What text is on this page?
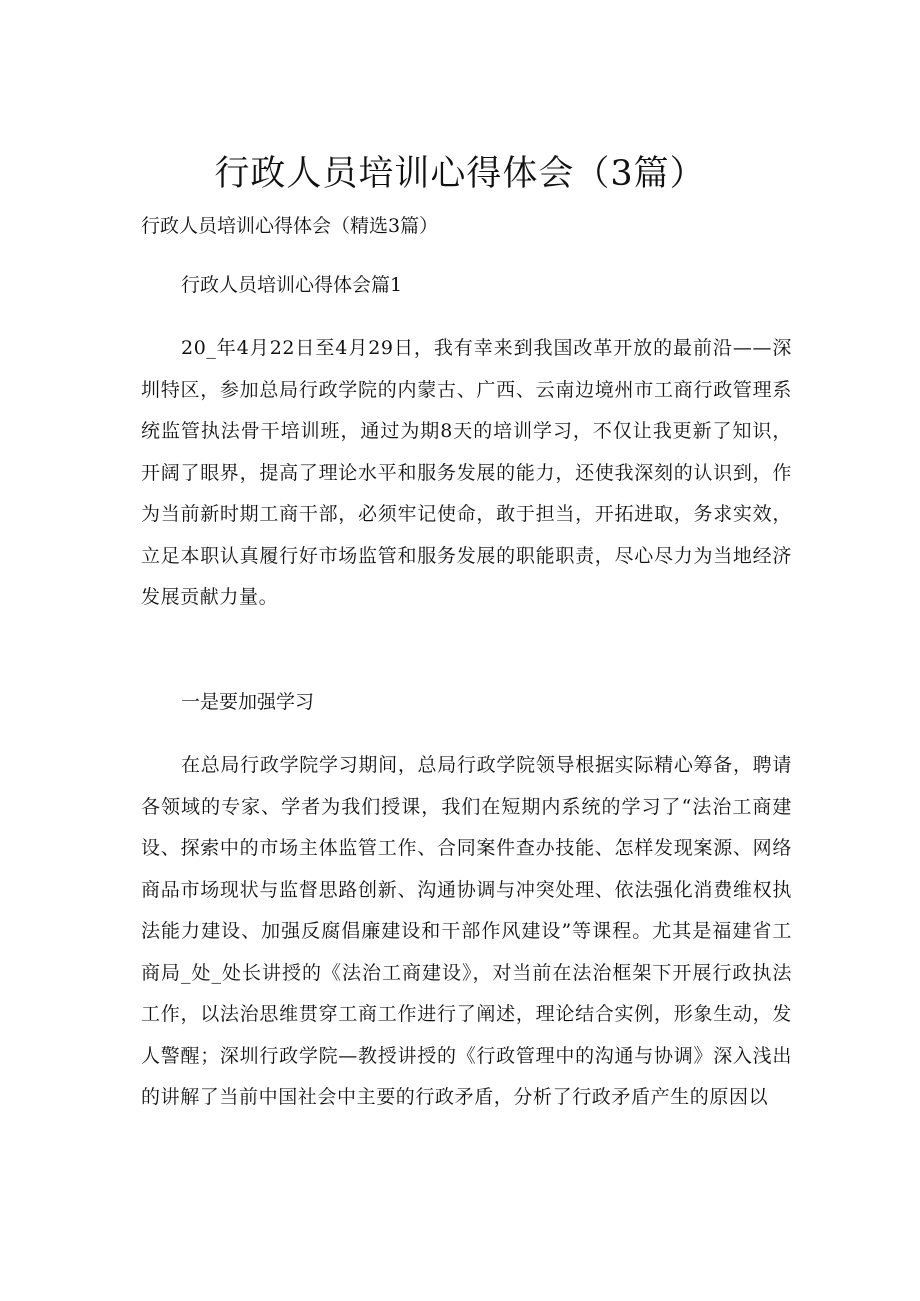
行政人员培训心得体会（3篇）

行政人员培训心得体会（精选3篇）

行政人员培训心得体会篇1

20_年4月22日至4月29日，我有幸来到我国改革开放的最前沿——深圳特区，参加总局行政学院的内蒙古、广西、云南边境州市工商行政管理系统监管执法骨干培训班，通过为期8天的培训学习，不仅让我更新了知识，开阔了眼界，提高了理论水平和服务发展的能力，还使我深刻的认识到，作为当前新时期工商干部，必须牢记使命，敢于担当，开拓进取，务求实效，立足本职认真履行好市场监管和服务发展的职能职责，尽心尽力为当地经济发展贡献力量。

一是要加强学习

在总局行政学院学习期间，总局行政学院领导根据实际精心筹备，聘请各领域的专家、学者为我们授课，我们在短期内系统的学习了“法治工商建设、探索中的市场主体监管工作、合同案件查办技能、怎样发现案源、网络商品市场现状与监督思路创新、沟通协调与冲突处理、依法强化消费维权执法能力建设、加强反腐倡廉建设和干部作风建设”等课程。尤其是福建省工商局_处_处长讲授的《法治工商建设》，对当前在法治框架下开展行政执法工作，以法治思维贯穿工商工作进行了阐述，理论结合实例，形象生动，发人警醒；深圳行政学院—教授讲授的《行政管理中的沟通与协调》深入浅出的讲解了当前中国社会中主要的行政矛盾，分析了行政矛盾产生的原因以
